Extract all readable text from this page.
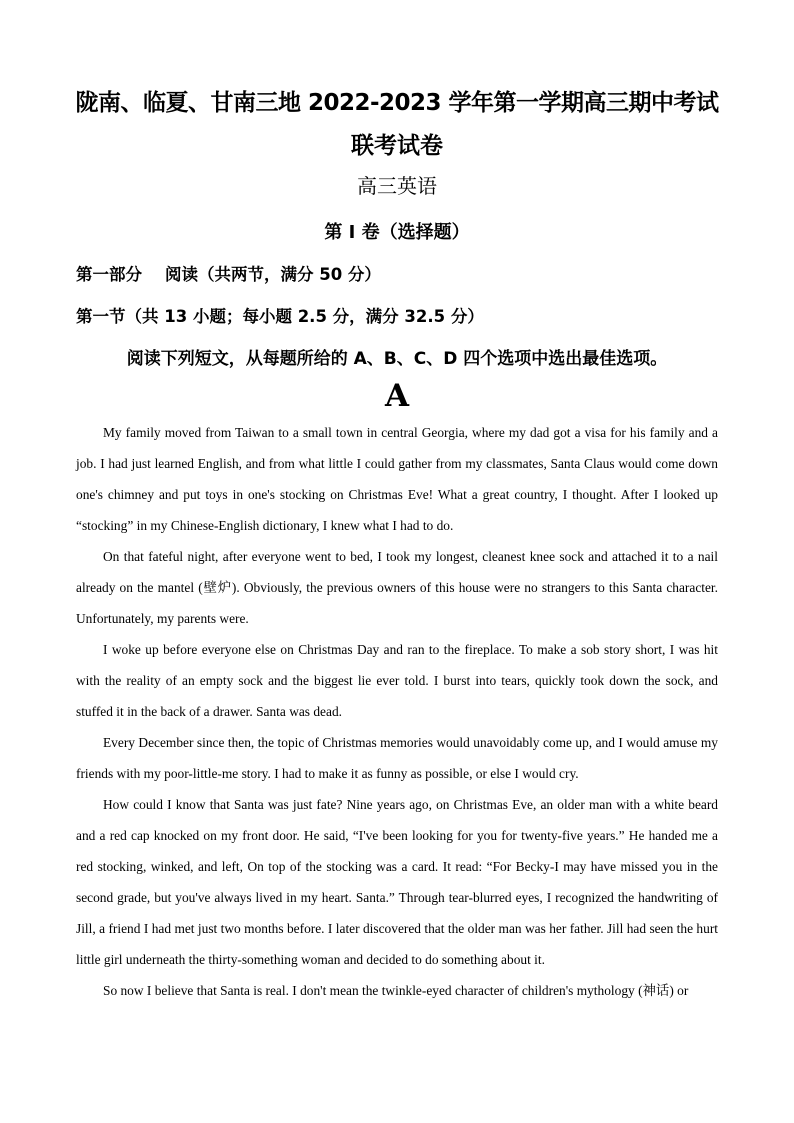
陇南、临夏、甘南三地 2022-2023 学年第一学期高三期中考试
联考试卷
高三英语
第 I 卷（选择题）
第一部分    阅读（共两节，满分 50 分）
第一节（共 13 小题；每小题 2.5 分，满分 32.5 分）
阅读下列短文，从每题所给的 A、B、C、D 四个选项中选出最佳选项。
A

My family moved from Taiwan to a small town in central Georgia, where my dad got a visa for his family and a job. I had just learned English, and from what little I could gather from my classmates, Santa Claus would come down one's chimney and put toys in one's stocking on Christmas Eve! What a great country, I thought. After I looked up “stocking” in my Chinese-English dictionary, I knew what I had to do.

On that fateful night, after everyone went to bed, I took my longest, cleanest knee sock and attached it to a nail already on the mantel (壁炉). Obviously, the previous owners of this house were no strangers to this Santa character. Unfortunately, my parents were.

I woke up before everyone else on Christmas Day and ran to the fireplace. To make a sob story short, I was hit with the reality of an empty sock and the biggest lie ever told. I burst into tears, quickly took down the sock, and stuffed it in the back of a drawer. Santa was dead.

Every December since then, the topic of Christmas memories would unavoidably come up, and I would amuse my friends with my poor-little-me story. I had to make it as funny as possible, or else I would cry.

How could I know that Santa was just fate? Nine years ago, on Christmas Eve, an older man with a white beard and a red cap knocked on my front door. He said, “I've been looking for you for twenty-five years.” He handed me a red stocking, winked, and left, On top of the stocking was a card. It read: “For Becky-I may have missed you in the second grade, but you've always lived in my heart. Santa.” Through tear-blurred eyes, I recognized the handwriting of Jill, a friend I had met just two months before. I later discovered that the older man was her father. Jill had seen the hurt little girl underneath the thirty-something woman and decided to do something about it.

So now I believe that Santa is real. I don't mean the twinkle-eyed character of children's mythology (神话) or
